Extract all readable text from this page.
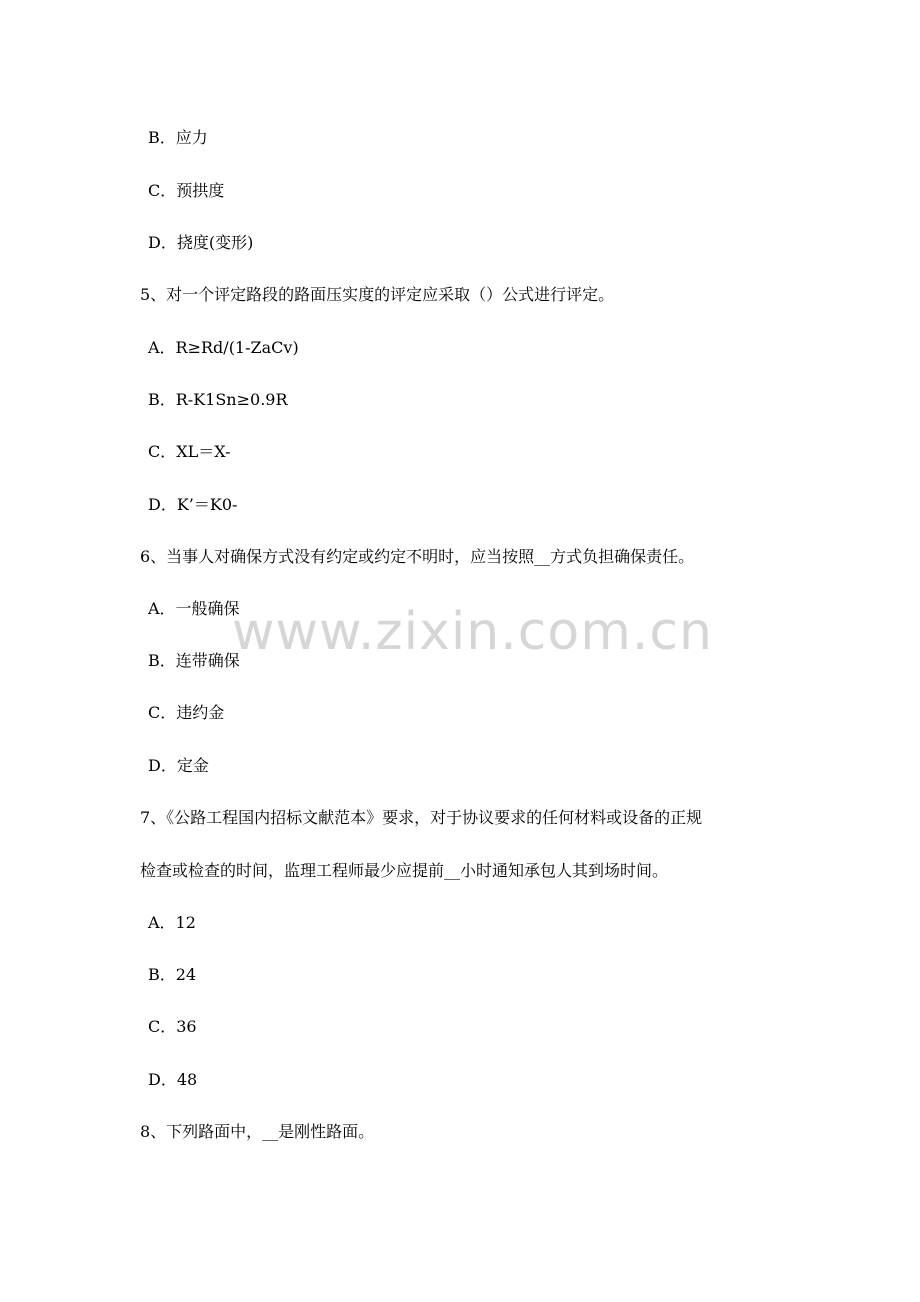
B．应力
C．预拱度
D．挠度(变形)
5、对一个评定路段的路面压实度的评定应采取（）公式进行评定。
A．R≥Rd/(1-ZaCv)
B．R-K1Sn≥0.9R
C．XL＝X-
D．K’＝K0-
6、当事人对确保方式没有约定或约定不明时，应当按照__方式负担确保责任。
A．一般确保
B．连带确保
C．违约金
D．定金
7、《公路工程国内招标文献范本》要求，对于协议要求的任何材料或设备的正规
检查或检查的时间，监理工程师最少应提前__小时通知承包人其到场时间。
A．12
B．24
C．36
D．48
8、下列路面中，__是刚性路面。
www.zixin.com.cn
